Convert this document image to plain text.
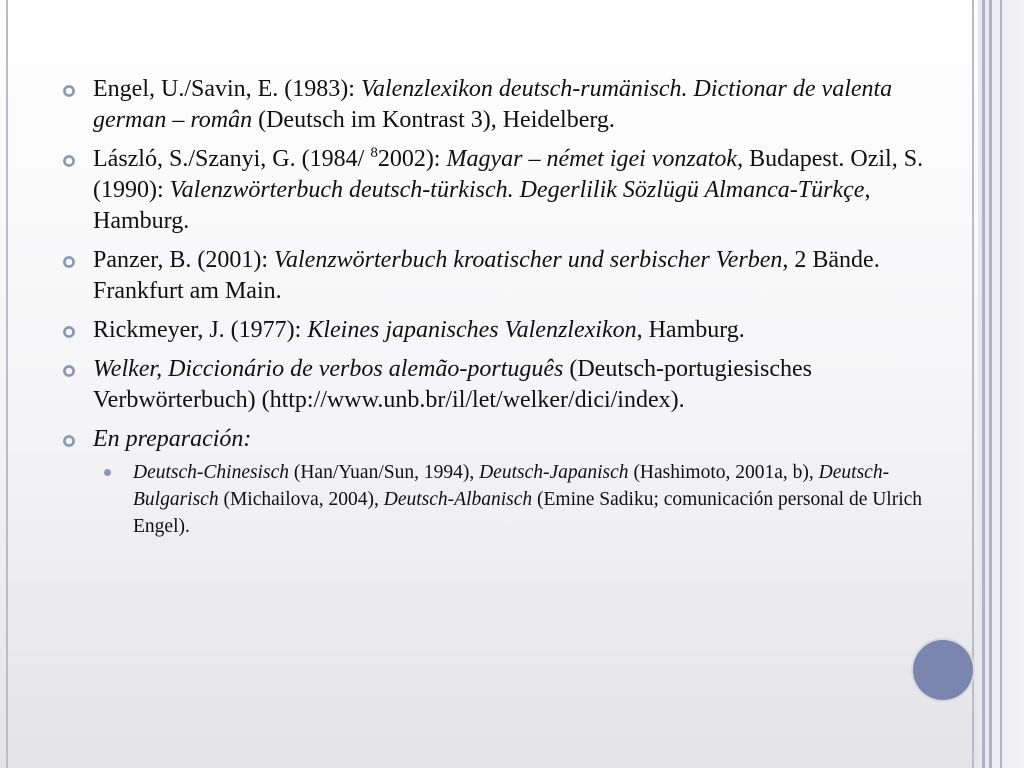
Engel, U./Savin, E. (1983): Valenzlexikon deutsch-rumänisch. Dictionar de valenta german – român (Deutsch im Kontrast 3), Heidelberg.
László, S./Szanyi, G. (1984/ $^8$2002): Magyar – német igei vonzatok, Budapest. Ozil, S. (1990): Valenzwörterbuch deutsch-türkisch. Degerlilik Sözlügü Almanca-Türkçe, Hamburg.
Panzer, B. (2001): Valenzwörterbuch kroatischer und serbischer Verben, 2 Bände. Frankfurt am Main.
Rickmeyer, J. (1977): Kleines japanisches Valenzlexikon, Hamburg.
Welker, Diccionário de verbos alemão-português (Deutsch-portugiesisches Verbwörterbuch) (http://www.unb.br/il/let/welker/dici/index).
En preparación:
Deutsch-Chinesisch (Han/Yuan/Sun, 1994), Deutsch-Japanisch (Hashimoto, 2001a, b), Deutsch-Bulgarisch (Michailova, 2004), Deutsch-Albanisch (Emine Sadiku; comunicación personal de Ulrich Engel).
